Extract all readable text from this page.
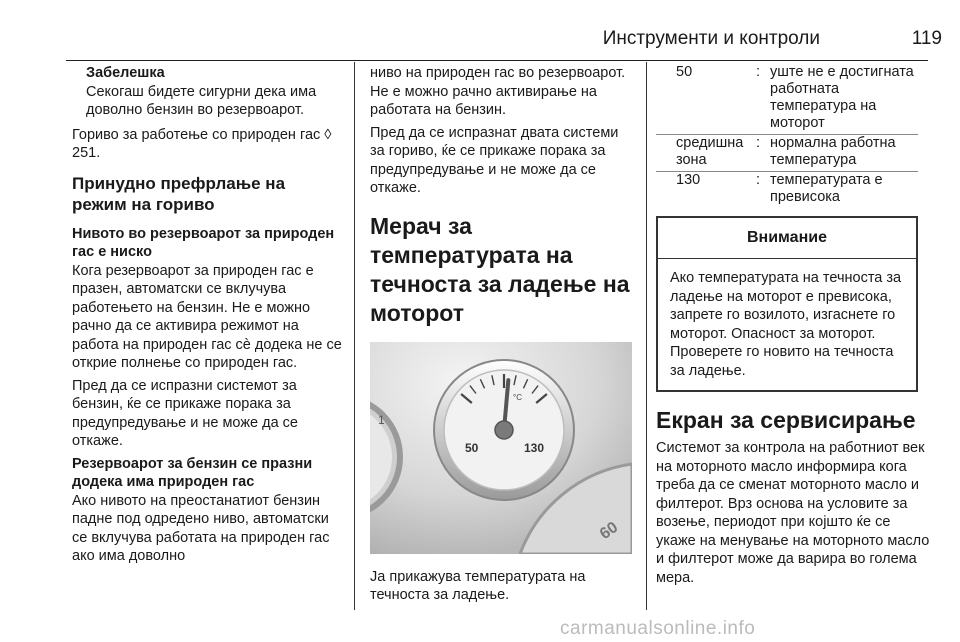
Инструменти и контроли	119

Забелешка

Секогаш бидете сигурни дека има доволно бензин во резервоарот.

Гориво за работење со природен гас ◊ 251.

Принудно префрлање на режим на гориво

Нивото во резервоарот за природен гас е ниско

Кога резервоарот за природен гас е празен, автоматски се вклучува работењето на бензин. Не е можно рачно да се активира режимот на работа на природен гас сè додека не се открие полнење со природен гас.

Пред да се испразни системот за бензин, ќе се прикаже порака за предупредување и не може да се откаже.

Резервоарот за бензин се празни додека има природен гас

Ако нивото на преостанатиот бензин падне под одредено ниво, автоматски се вклучува работата на природен гас ако има доволно

ниво на природен гас во резервоарот. Не е можно рачно активирање на работата на бензин.

Пред да се испразнат двата системи за гориво, ќе се прикаже порака за предупредување и не може да се откаже.

Мерач за температурата на течноста за ладење на моторот

1
50	130
°C
60

Ја прикажува температурата на течноста за ладење.

50	:	уште не е достигната работната температура на моторот
средишна зона	:	нормална работна температура
130	:	температурата е превисока
Внимание
Ако температурата на течноста за ладење на моторот е превисока, запрете го возилото, изгаснете го моторот. Опасност за моторот. Проверете го новито на течноста за ладење.

Екран за сервисирање

Системот за контрола на работниот век на моторното масло информира кога треба да се сменат моторното масло и филтерот. Врз основа на условите за возење, периодот при којшто ќе се укаже на менување на моторното масло и филтерот може да варира во голема мера.

carmanualsonline.info
